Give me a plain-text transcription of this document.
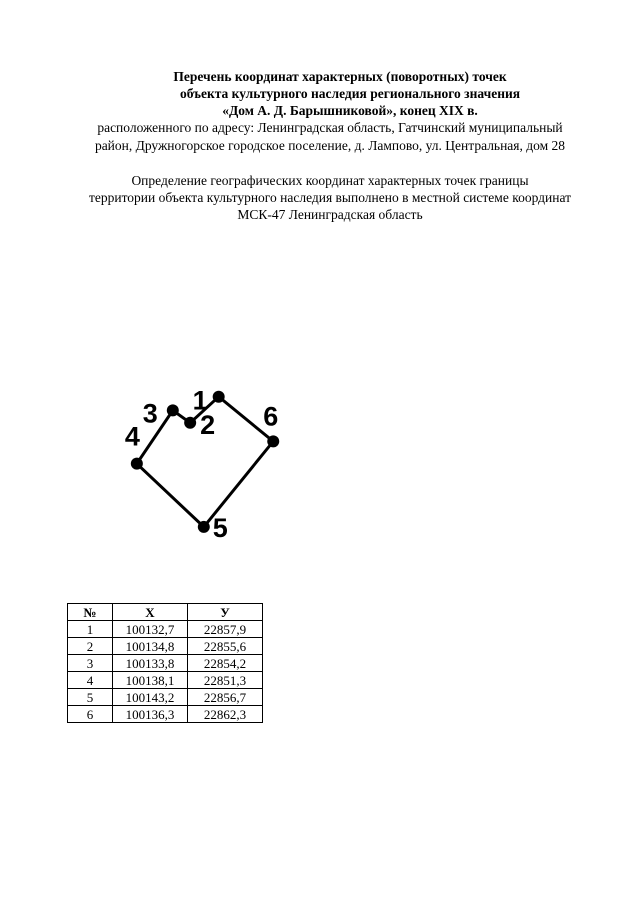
Перечень координат характерных (поворотных) точек
объекта культурного наследия регионального значения
«Дом А. Д. Барышниковой», конец XIX в.
расположенного по адресу: Ленинградская область, Гатчинский муниципальный
район, Дружногорское городское поселение, д. Лампово, ул. Центральная, дом 28
Определение географических координат характерных точек границы
территории объекта культурного наследия выполнено в местной системе координат
МСК-47 Ленинградская область
1
2
3
4
5
6
№	X	У
1	100132,7	22857,9
2	100134,8	22855,6
3	100133,8	22854,2
4	100138,1	22851,3
5	100143,2	22856,7
6	100136,3	22862,3
